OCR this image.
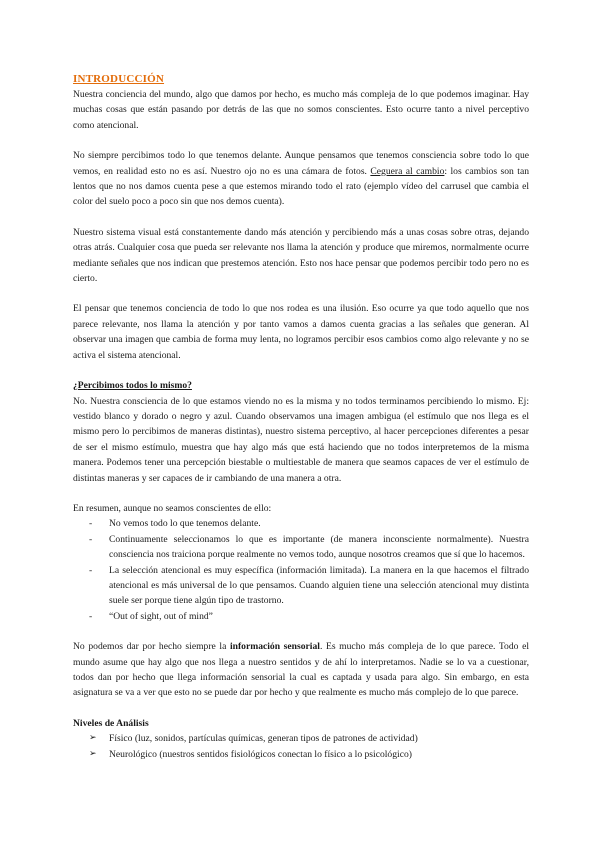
INTRODUCCIÓN

Nuestra conciencia del mundo, algo que damos por hecho, es mucho más compleja de lo que podemos imaginar. Hay muchas cosas que están pasando por detrás de las que no somos conscientes. Esto ocurre tanto a nivel perceptivo como atencional.

No siempre percibimos todo lo que tenemos delante. Aunque pensamos que tenemos consciencia sobre todo lo que vemos, en realidad esto no es así. Nuestro ojo no es una cámara de fotos. Ceguera al cambio: los cambios son tan lentos que no nos damos cuenta pese a que estemos mirando todo el rato (ejemplo vídeo del carrusel que cambia el color del suelo poco a poco sin que nos demos cuenta).

Nuestro sistema visual está constantemente dando más atención y percibiendo más a unas cosas sobre otras, dejando otras atrás. Cualquier cosa que pueda ser relevante nos llama la atención y produce que miremos, normalmente ocurre mediante señales que nos indican que prestemos atención. Esto nos hace pensar que podemos percibir todo pero no es cierto.

El pensar que tenemos conciencia de todo lo que nos rodea es una ilusión. Eso ocurre ya que todo aquello que nos parece relevante, nos llama la atención y por tanto vamos a damos cuenta gracias a las señales que generan. Al observar una imagen que cambia de forma muy lenta, no logramos percibir esos cambios como algo relevante y no se activa el sistema atencional.

¿Percibimos todos lo mismo?

No. Nuestra consciencia de lo que estamos viendo no es la misma y no todos terminamos percibiendo lo mismo. Ej: vestido blanco y dorado o negro y azul. Cuando observamos una imagen ambigua (el estímulo que nos llega es el mismo pero lo percibimos de maneras distintas), nuestro sistema perceptivo, al hacer percepciones diferentes a pesar de ser el mismo estímulo, muestra que hay algo más que está haciendo que no todos interpretemos de la misma manera. Podemos tener una percepción biestable o multiestable de manera que seamos capaces de ver el estímulo de distintas maneras y ser capaces de ir cambiando de una manera a otra.

En resumen, aunque no seamos conscientes de ello:

- No vemos todo lo que tenemos delante.
- Continuamente seleccionamos lo que es importante (de manera inconsciente normalmente). Nuestra consciencia nos traiciona porque realmente no vemos todo, aunque nosotros creamos que sí que lo hacemos.
- La selección atencional es muy específica (información limitada). La manera en la que hacemos el filtrado atencional es más universal de lo que pensamos. Cuando alguien tiene una selección atencional muy distinta suele ser porque tiene algún tipo de trastorno.
- “Out of sight, out of mind”

No podemos dar por hecho siempre la información sensorial. Es mucho más compleja de lo que parece. Todo el mundo asume que hay algo que nos llega a nuestro sentidos y de ahí lo interpretamos. Nadie se lo va a cuestionar, todos dan por hecho que llega información sensorial la cual es captada y usada para algo. Sin embargo, en esta asignatura se va a ver que esto no se puede dar por hecho y que realmente es mucho más complejo de lo que parece.

Niveles de Análisis
➢ Físico (luz, sonidos, partículas químicas, generan tipos de patrones de actividad)
➢ Neurológico (nuestros sentidos fisiológicos conectan lo físico a lo psicológico)
